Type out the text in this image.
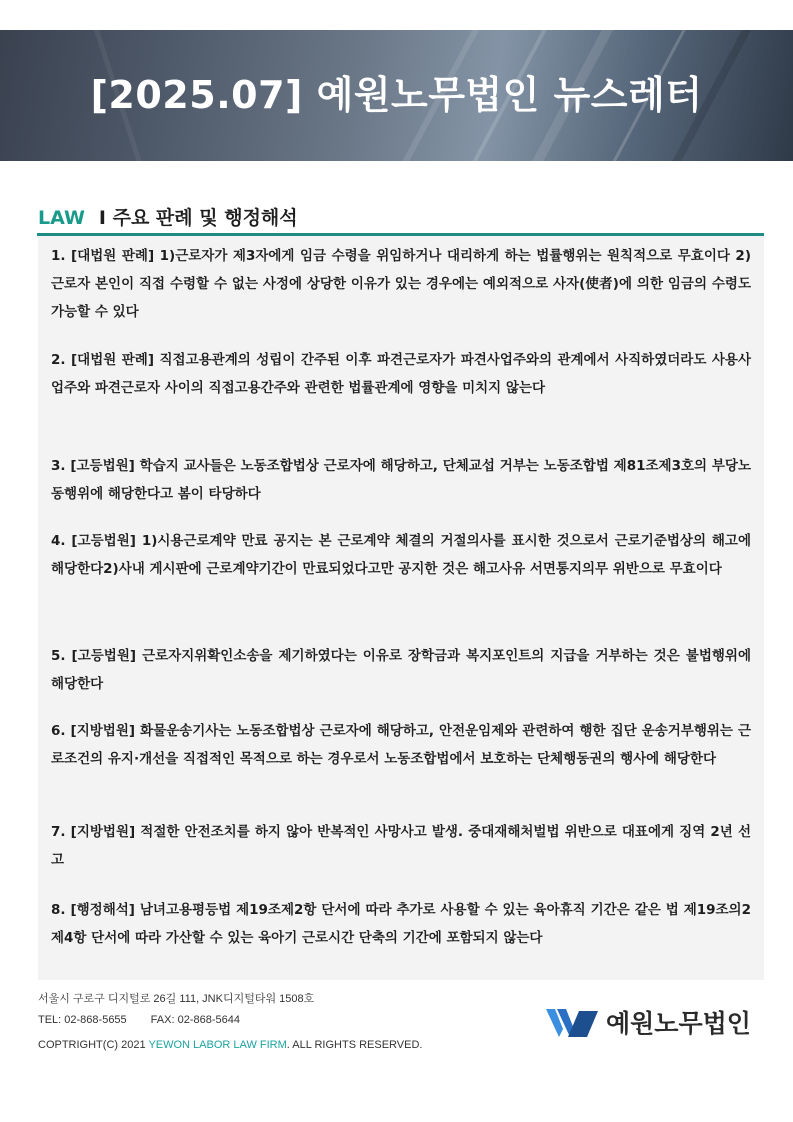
[2025.07] 예원노무법인 뉴스레터
LAW I 주요 판례 및 행정해석

1. [대법원 판례] 1)근로자가 제3자에게 임금 수령을 위임하거나 대리하게 하는 법률행위는 원칙적으로 무효이다 2)근로자 본인이 직접 수령할 수 없는 사정에 상당한 이유가 있는 경우에는 예외적으로 사자(使者)에 의한 임금의 수령도 가능할 수 있다

2. [대법원 판례] 직접고용관계의 성립이 간주된 이후 파견근로자가 파견사업주와의 관계에서 사직하였더라도 사용사업주와 파견근로자 사이의 직접고용간주와 관련한 법률관계에 영향을 미치지 않는다

3. [고등법원] 학습지 교사들은 노동조합법상 근로자에 해당하고, 단체교섭 거부는 노동조합법 제81조제3호의 부당노동행위에 해당한다고 봄이 타당하다

4. [고등법원] 1)시용근로계약 만료 공지는 본 근로계약 체결의 거절의사를 표시한 것으로서 근로기준법상의 해고에 해당한다2)사내 게시판에 근로계약기간이 만료되었다고만 공지한 것은 해고사유 서면통지의무 위반으로 무효이다

5. [고등법원] 근로자지위확인소송을 제기하였다는 이유로 장학금과 복지포인트의 지급을 거부하는 것은 불법행위에 해당한다

6. [지방법원] 화물운송기사는 노동조합법상 근로자에 해당하고, 안전운임제와 관련하여 행한 집단 운송거부행위는 근로조건의 유지·개선을 직접적인 목적으로 하는 경우로서 노동조합법에서 보호하는 단체행동권의 행사에 해당한다

7. [지방법원] 적절한 안전조치를 하지 않아 반복적인 사망사고 발생. 중대재해처벌법 위반으로 대표에게 징역 2년 선고

8. [행정해석] 남녀고용평등법 제19조제2항 단서에 따라 추가로 사용할 수 있는 육아휴직 기간은 같은 법 제19조의2제4항 단서에 따라 가산할 수 있는 육아기 근로시간 단축의 기간에 포함되지 않는다

서울시 구로구 디지털로 26길 111, JNK디지털타워 1508호
TEL: 02-868-5655 FAX: 02-868-5644
COPTRIGHT(C) 2021 YEWON LABOR LAW FIRM. ALL RIGHTS RESERVED.
예원노무법인
